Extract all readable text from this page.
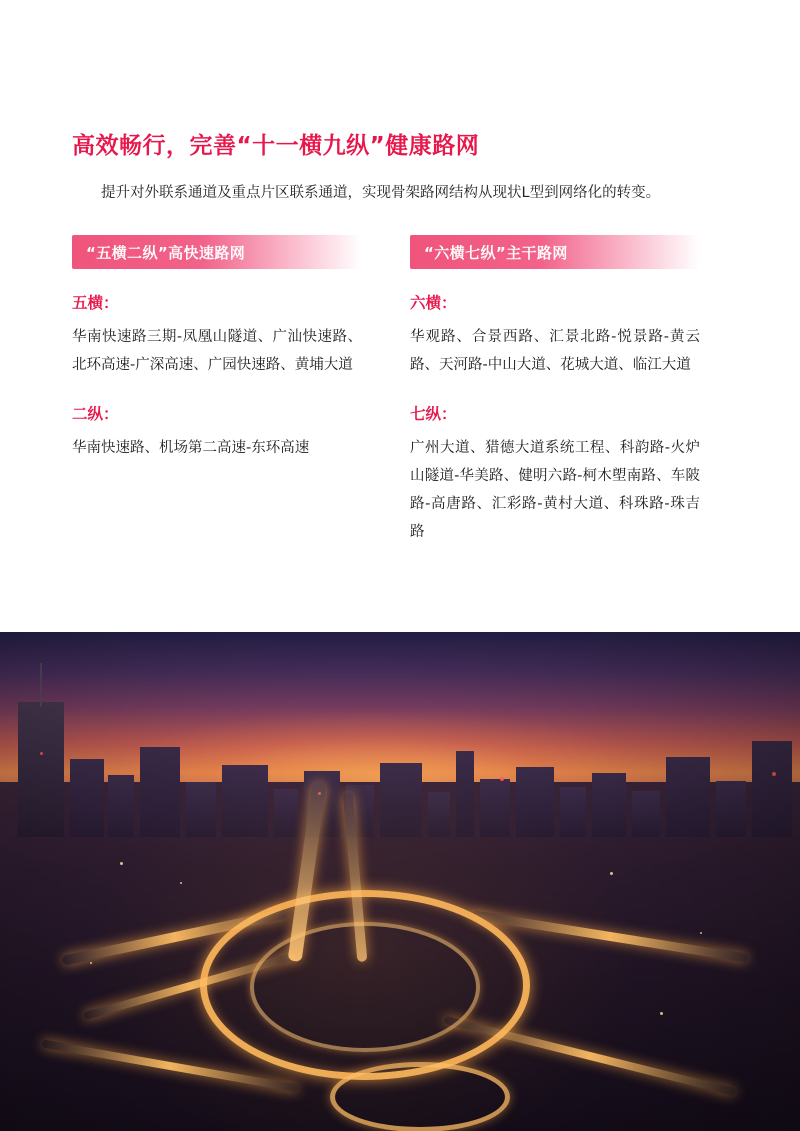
高效畅行，完善“十一横九纵”健康路网

提升对外联系通道及重点片区联系通道，实现骨架路网结构从现状L型到网络化的转变。

“五横二纵”高快速路网
五横：
华南快速路三期-凤凰山隧道、广汕快速路、北环高速-广深高速、广园快速路、黄埔大道
二纵：
华南快速路、机场第二高速-东环高速
“六横七纵”主干路网
六横：
华观路、合景西路、汇景北路-悦景路-黄云路、天河路-中山大道、花城大道、临江大道
七纵：
广州大道、猎德大道系统工程、科韵路-火炉山隧道-华美路、健明六路-柯木塱南路、车陂路-高唐路、汇彩路-黄村大道、科珠路-珠吉路
